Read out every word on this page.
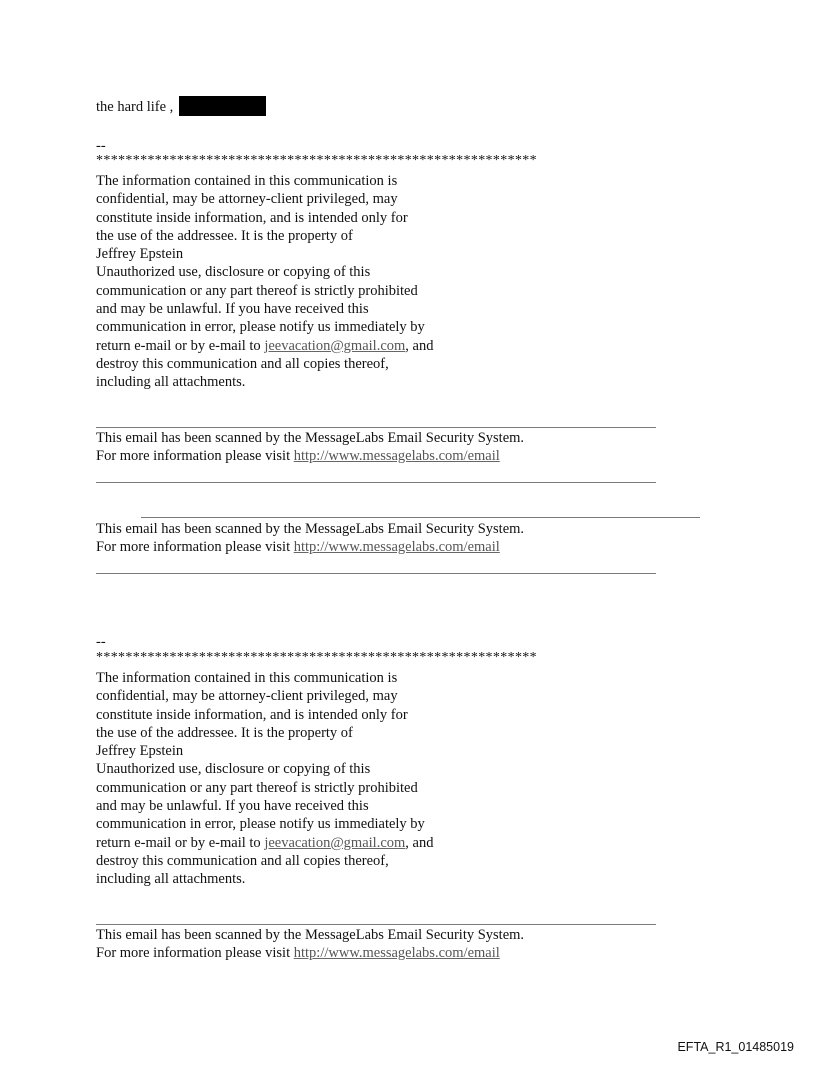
the hard life ,
--
************************************************************
The information contained in this communication is
confidential, may be attorney-client privileged, may
constitute inside information, and is intended only for
the use of the addressee. It is the property of
Jeffrey Epstein
Unauthorized use, disclosure or copying of this
communication or any part thereof is strictly prohibited
and may be unlawful. If you have received this
communication in error, please notify us immediately by
return e-mail or by e-mail to jeevacation@gmail.com, and
destroy this communication and all copies thereof,
including all attachments.
This email has been scanned by the MessageLabs Email Security System.
For more information please visit http://www.messagelabs.com/email
This email has been scanned by the MessageLabs Email Security System.
For more information please visit http://www.messagelabs.com/email
--
************************************************************
The information contained in this communication is
confidential, may be attorney-client privileged, may
constitute inside information, and is intended only for
the use of the addressee. It is the property of
Jeffrey Epstein
Unauthorized use, disclosure or copying of this
communication or any part thereof is strictly prohibited
and may be unlawful. If you have received this
communication in error, please notify us immediately by
return e-mail or by e-mail to jeevacation@gmail.com, and
destroy this communication and all copies thereof,
including all attachments.
This email has been scanned by the MessageLabs Email Security System.
For more information please visit http://www.messagelabs.com/email
EFTA_R1_01485019
